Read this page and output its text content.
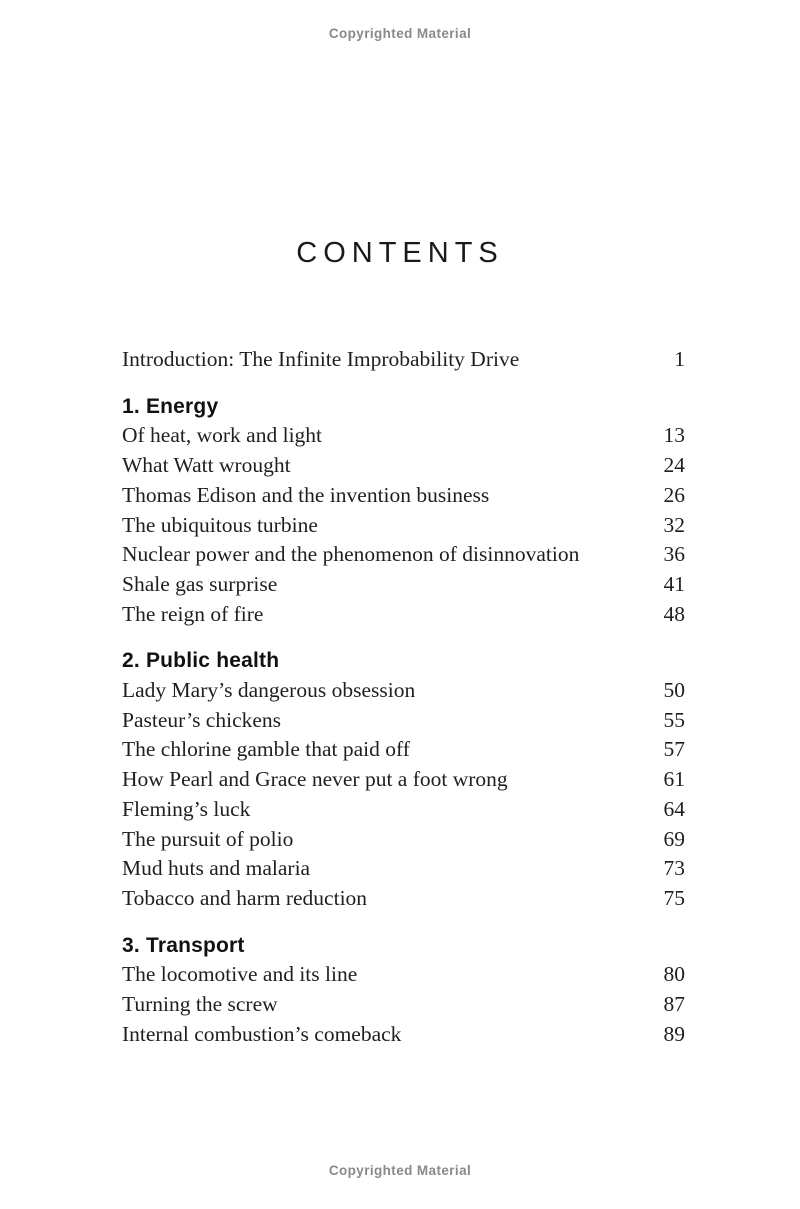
Copyrighted Material
CONTENTS
Introduction: The Infinite Improbability Drive	1
1. Energy
Of heat, work and light	13
What Watt wrought	24
Thomas Edison and the invention business	26
The ubiquitous turbine	32
Nuclear power and the phenomenon of disinnovation	36
Shale gas surprise	41
The reign of fire	48
2. Public health
Lady Mary’s dangerous obsession	50
Pasteur’s chickens	55
The chlorine gamble that paid off	57
How Pearl and Grace never put a foot wrong	61
Fleming’s luck	64
The pursuit of polio	69
Mud huts and malaria	73
Tobacco and harm reduction	75
3. Transport
The locomotive and its line	80
Turning the screw	87
Internal combustion’s comeback	89
Copyrighted Material
